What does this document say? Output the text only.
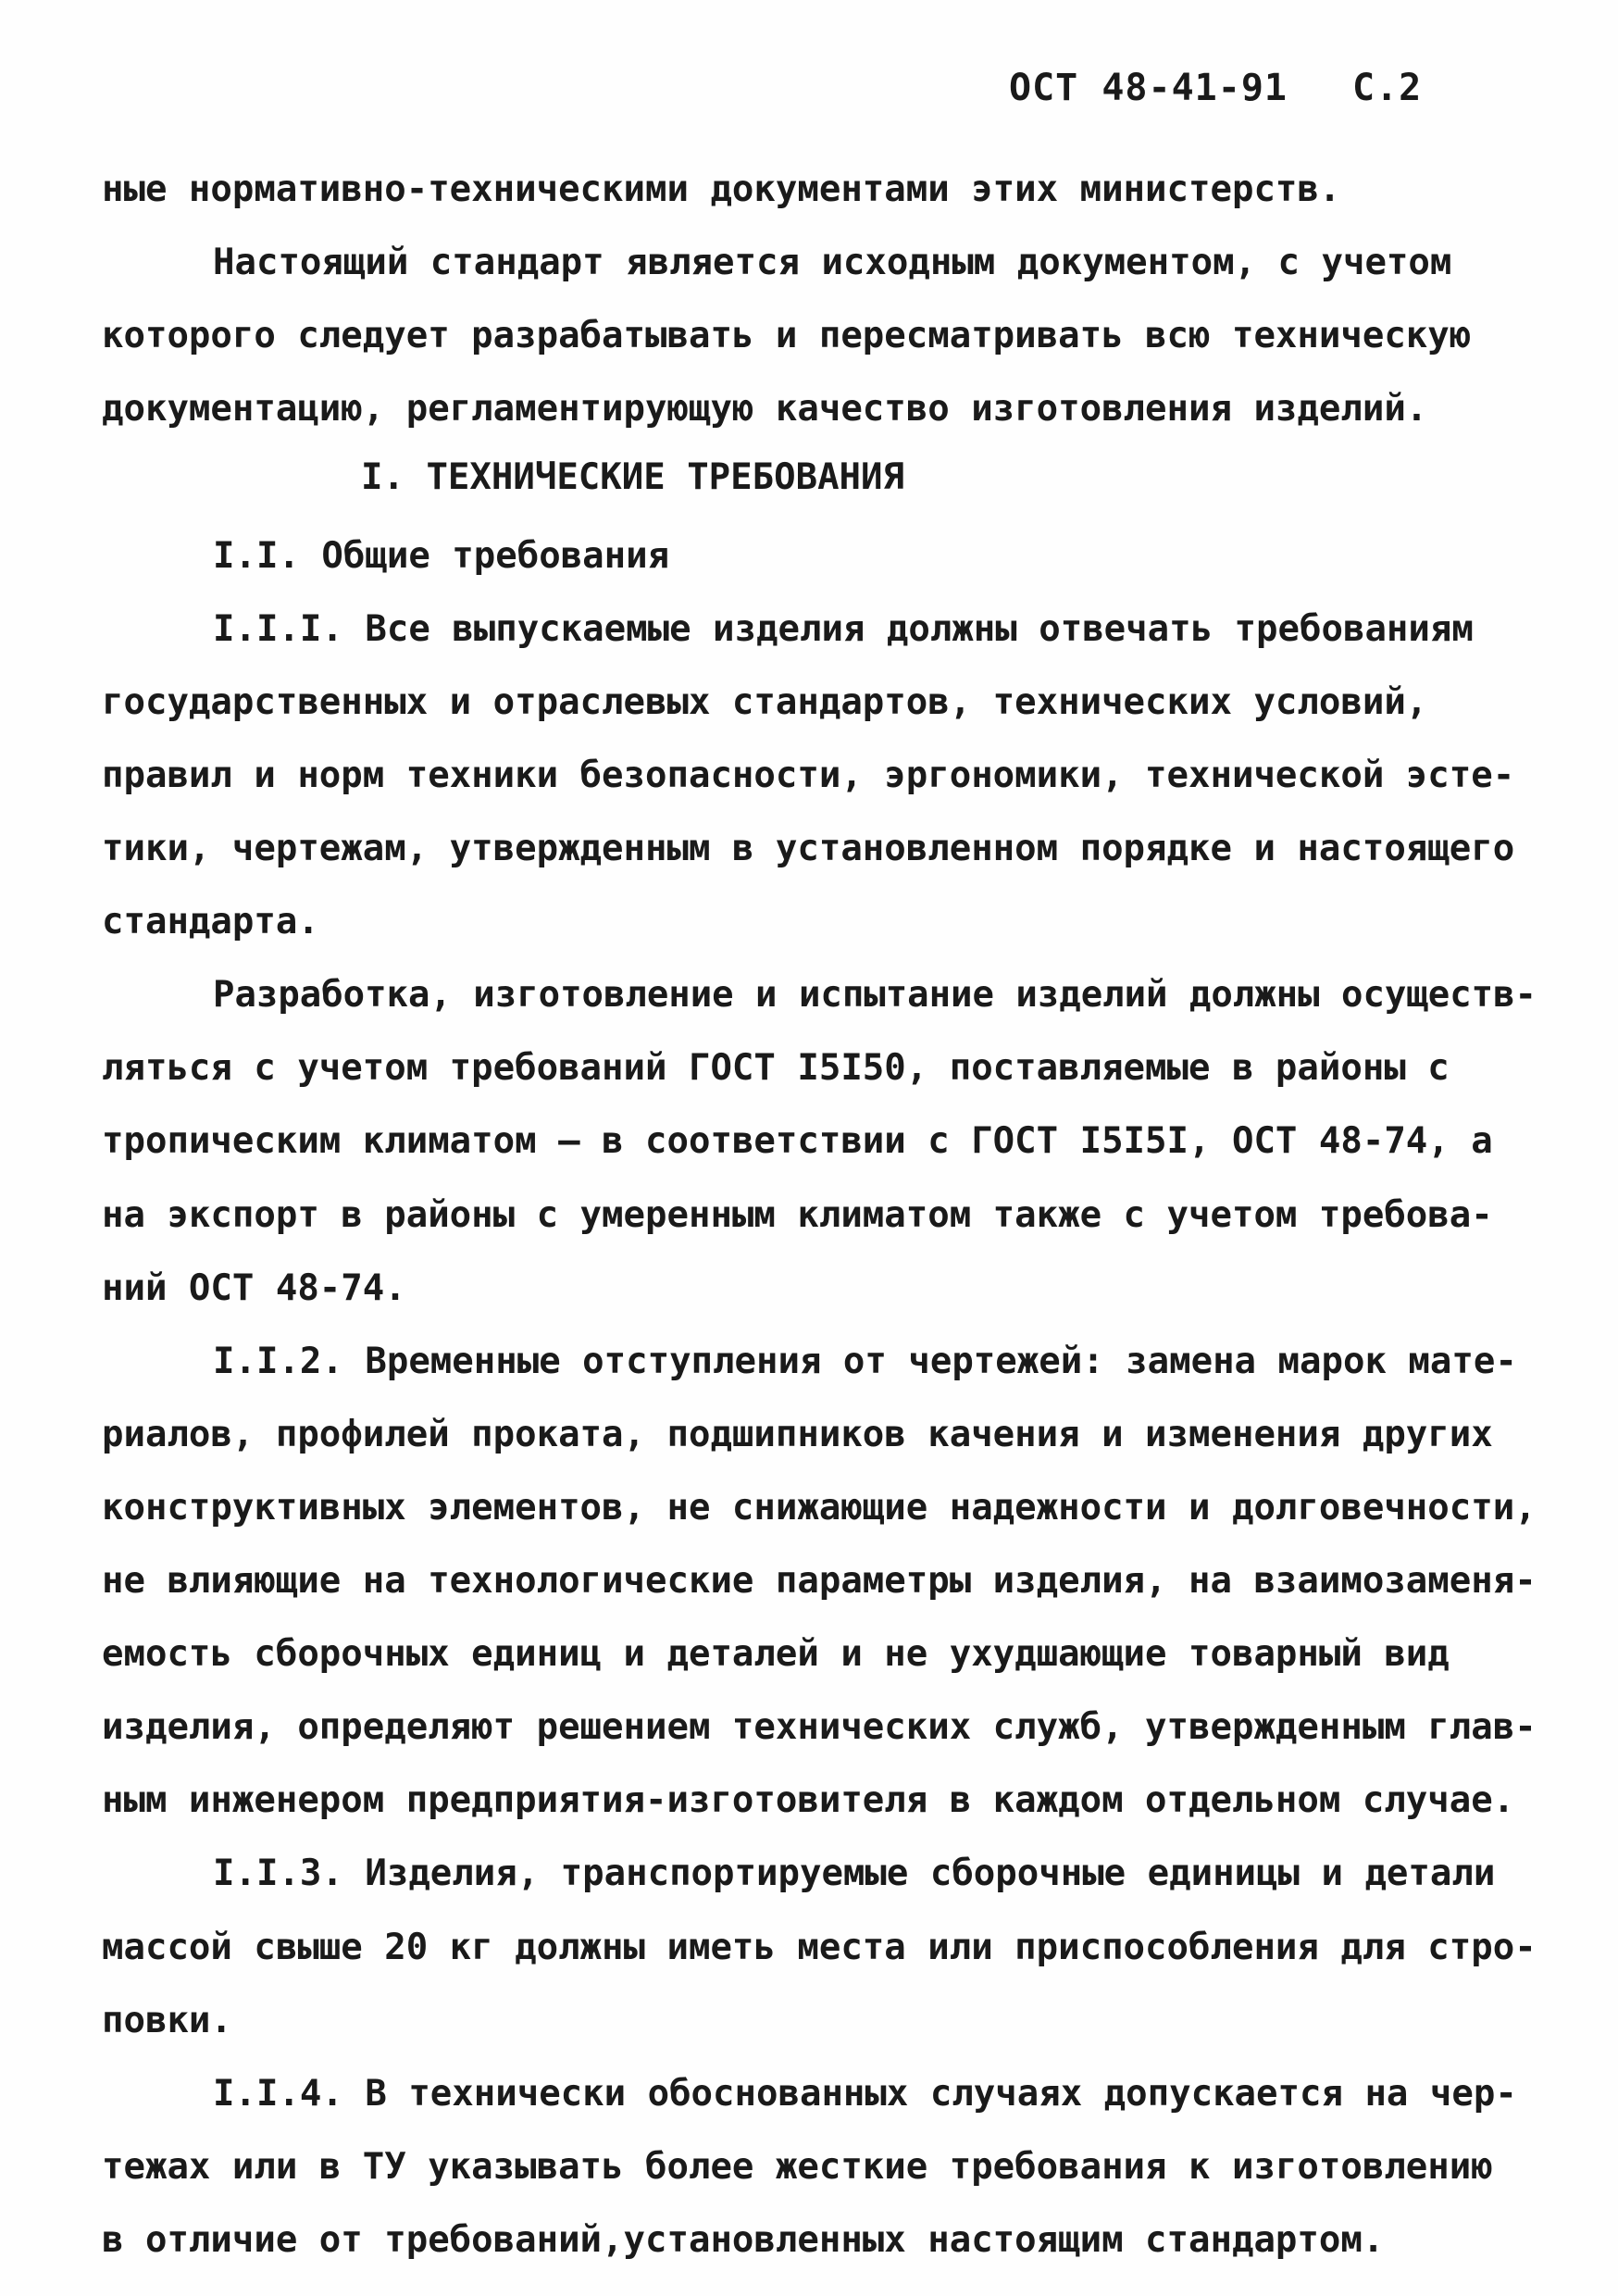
ОСТ 48-41-91 С.2
ные нормативно-техническими документами этих министерств.
Настоящий стандарт является исходным документом, с учетом
которого следует разрабатывать и пересматривать всю техническую
документацию, регламентирующую качество изготовления изделий.
I. ТЕХНИЧЕСКИЕ ТРЕБОВАНИЯ
I.I. Общие требования
I.I.I. Все выпускаемые изделия должны отвечать требованиям
государственных и отраслевых стандартов, технических условий,
правил и норм техники безопасности, эргономики, технической эсте-
тики, чертежам, утвержденным в установленном порядке и настоящего
стандарта.
Разработка, изготовление и испытание изделий должны осуществ-
ляться с учетом требований ГОСТ I5I50, поставляемые в районы с
тропическим климатом – в соответствии с ГОСТ I5I5I, ОСТ 48-74, а
на экспорт в районы с умеренным климатом также с учетом требова-
ний ОСТ 48-74.
I.I.2. Временные отступления от чертежей: замена марок мате-
риалов, профилей проката, подшипников качения и изменения других
конструктивных элементов, не снижающие надежности и долговечности,
не влияющие на технологические параметры изделия, на взаимозаменя-
емость сборочных единиц и деталей и не ухудшающие товарный вид
изделия, определяют решением технических служб, утвержденным глав-
ным инженером предприятия-изготовителя в каждом отдельном случае.
I.I.3. Изделия, транспортируемые сборочные единицы и детали
массой свыше 20 кг должны иметь места или приспособления для стро-
повки.
I.I.4. В технически обоснованных случаях допускается на чер-
тежах или в ТУ указывать более жесткие требования к изготовлению
в отличие от требований,установленных настоящим стандартом.
